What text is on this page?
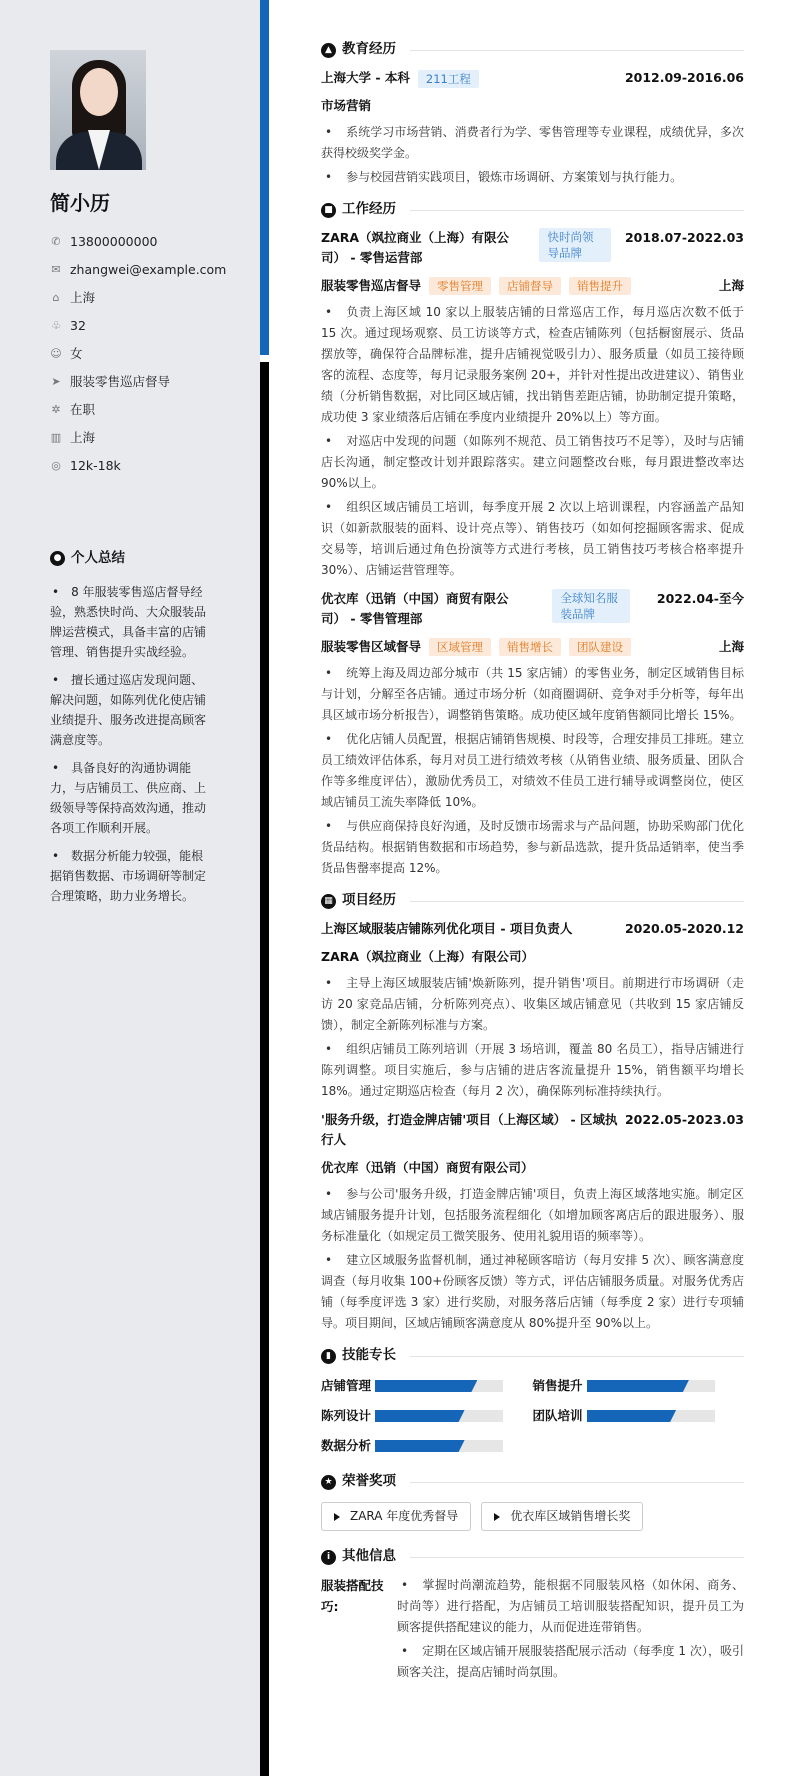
简小历
✆ 13800000000
✉ zhangwei@example.com
⌂ 上海
♧ 32
☺ 女
➤ 服装零售巡店督导
✲ 在职
▥ 上海
◎ 12k-18k
● 个人总结
• 8 年服装零售巡店督导经验，熟悉快时尚、大众服装品牌运营模式，具备丰富的店铺管理、销售提升实战经验。
• 擅长通过巡店发现问题、解决问题，如陈列优化使店铺业绩提升、服务改进提高顾客满意度等。
• 具备良好的沟通协调能力，与店铺员工、供应商、上级领导等保持高效沟通，推动各项工作顺利开展。
• 数据分析能力较强，能根据销售数据、市场调研等制定合理策略，助力业务增长。
▲ 教育经历
上海大学 - 本科 211工程	2012.09-2016.06
市场营销
• 系统学习市场营销、消费者行为学、零售管理等专业课程，成绩优异，多次获得校级奖学金。
• 参与校园营销实践项目，锻炼市场调研、方案策划与执行能力。
■ 工作经历
ZARA（飒拉商业（上海）有限公司） - 零售运营部
快时尚领导品牌
2018.07-2022.03
服装零售巡店督导 零售管理 店铺督导 销售提升	上海
• 负责上海区域 10 家以上服装店铺的日常巡店工作，每月巡店次数不低于 15 次。通过现场观察、员工访谈等方式，检查店铺陈列（包括橱窗展示、货品摆放等，确保符合品牌标准，提升店铺视觉吸引力）、服务质量（如员工接待顾客的流程、态度等，每月记录服务案例 20+，并针对性提出改进建议）、销售业绩（分析销售数据，对比同区域店铺，找出销售差距店铺，协助制定提升策略，成功使 3 家业绩落后店铺在季度内业绩提升 20%以上）等方面。
• 对巡店中发现的问题（如陈列不规范、员工销售技巧不足等），及时与店铺店长沟通，制定整改计划并跟踪落实。建立问题整改台账，每月跟进整改率达 90%以上。
• 组织区域店铺员工培训，每季度开展 2 次以上培训课程，内容涵盖产品知识（如新款服装的面料、设计亮点等）、销售技巧（如如何挖掘顾客需求、促成交易等，培训后通过角色扮演等方式进行考核，员工销售技巧考核合格率提升 30%）、店铺运营管理等。
优衣库（迅销（中国）商贸有限公司） - 零售管理部
全球知名服装品牌
2022.04-至今
服装零售区域督导 区域管理 销售增长 团队建设	上海
• 统筹上海及周边部分城市（共 15 家店铺）的零售业务，制定区域销售目标与计划，分解至各店铺。通过市场分析（如商圈调研、竞争对手分析等，每年出具区域市场分析报告），调整销售策略。成功使区域年度销售额同比增长 15%。
• 优化店铺人员配置，根据店铺销售规模、时段等，合理安排员工排班。建立员工绩效评估体系，每月对员工进行绩效考核（从销售业绩、服务质量、团队合作等多维度评估），激励优秀员工，对绩效不佳员工进行辅导或调整岗位，使区域店铺员工流失率降低 10%。
• 与供应商保持良好沟通，及时反馈市场需求与产品问题，协助采购部门优化货品结构。根据销售数据和市场趋势，参与新品选款，提升货品适销率，使当季货品售罄率提高 12%。
▦ 项目经历
上海区域服装店铺陈列优化项目 - 项目负责人	2020.05-2020.12
ZARA（飒拉商业（上海）有限公司）
• 主导上海区域服装店铺'焕新陈列，提升销售'项目。前期进行市场调研（走访 20 家竞品店铺，分析陈列亮点）、收集区域店铺意见（共收到 15 家店铺反馈），制定全新陈列标准与方案。
• 组织店铺员工陈列培训（开展 3 场培训，覆盖 80 名员工），指导店铺进行陈列调整。项目实施后，参与店铺的进店客流量提升 15%，销售额平均增长 18%。通过定期巡店检查（每月 2 次），确保陈列标准持续执行。
'服务升级，打造金牌店铺'项目（上海区域） - 区域执行人
2022.05-2023.03
优衣库（迅销（中国）商贸有限公司）
• 参与公司'服务升级，打造金牌店铺'项目，负责上海区域落地实施。制定区域店铺服务提升计划，包括服务流程细化（如增加顾客离店后的跟进服务）、服务标准量化（如规定员工微笑服务、使用礼貌用语的频率等）。
• 建立区域服务监督机制，通过神秘顾客暗访（每月安排 5 次）、顾客满意度调查（每月收集 100+份顾客反馈）等方式，评估店铺服务质量。对服务优秀店铺（每季度评选 3 家）进行奖励，对服务落后店铺（每季度 2 家）进行专项辅导。项目期间，区域店铺顾客满意度从 80%提升至 90%以上。
▮ 技能专长
店铺管理	销售提升
陈列设计	团队培训
数据分析
★ 荣誉奖项
ZARA 年度优秀督导	优衣库区域销售增长奖
i 其他信息
服装搭配技巧:
• 掌握时尚潮流趋势，能根据不同服装风格（如休闲、商务、时尚等）进行搭配，为店铺员工培训服装搭配知识，提升员工为顾客提供搭配建议的能力，从而促进连带销售。
• 定期在区域店铺开展服装搭配展示活动（每季度 1 次），吸引顾客关注，提高店铺时尚氛围。
